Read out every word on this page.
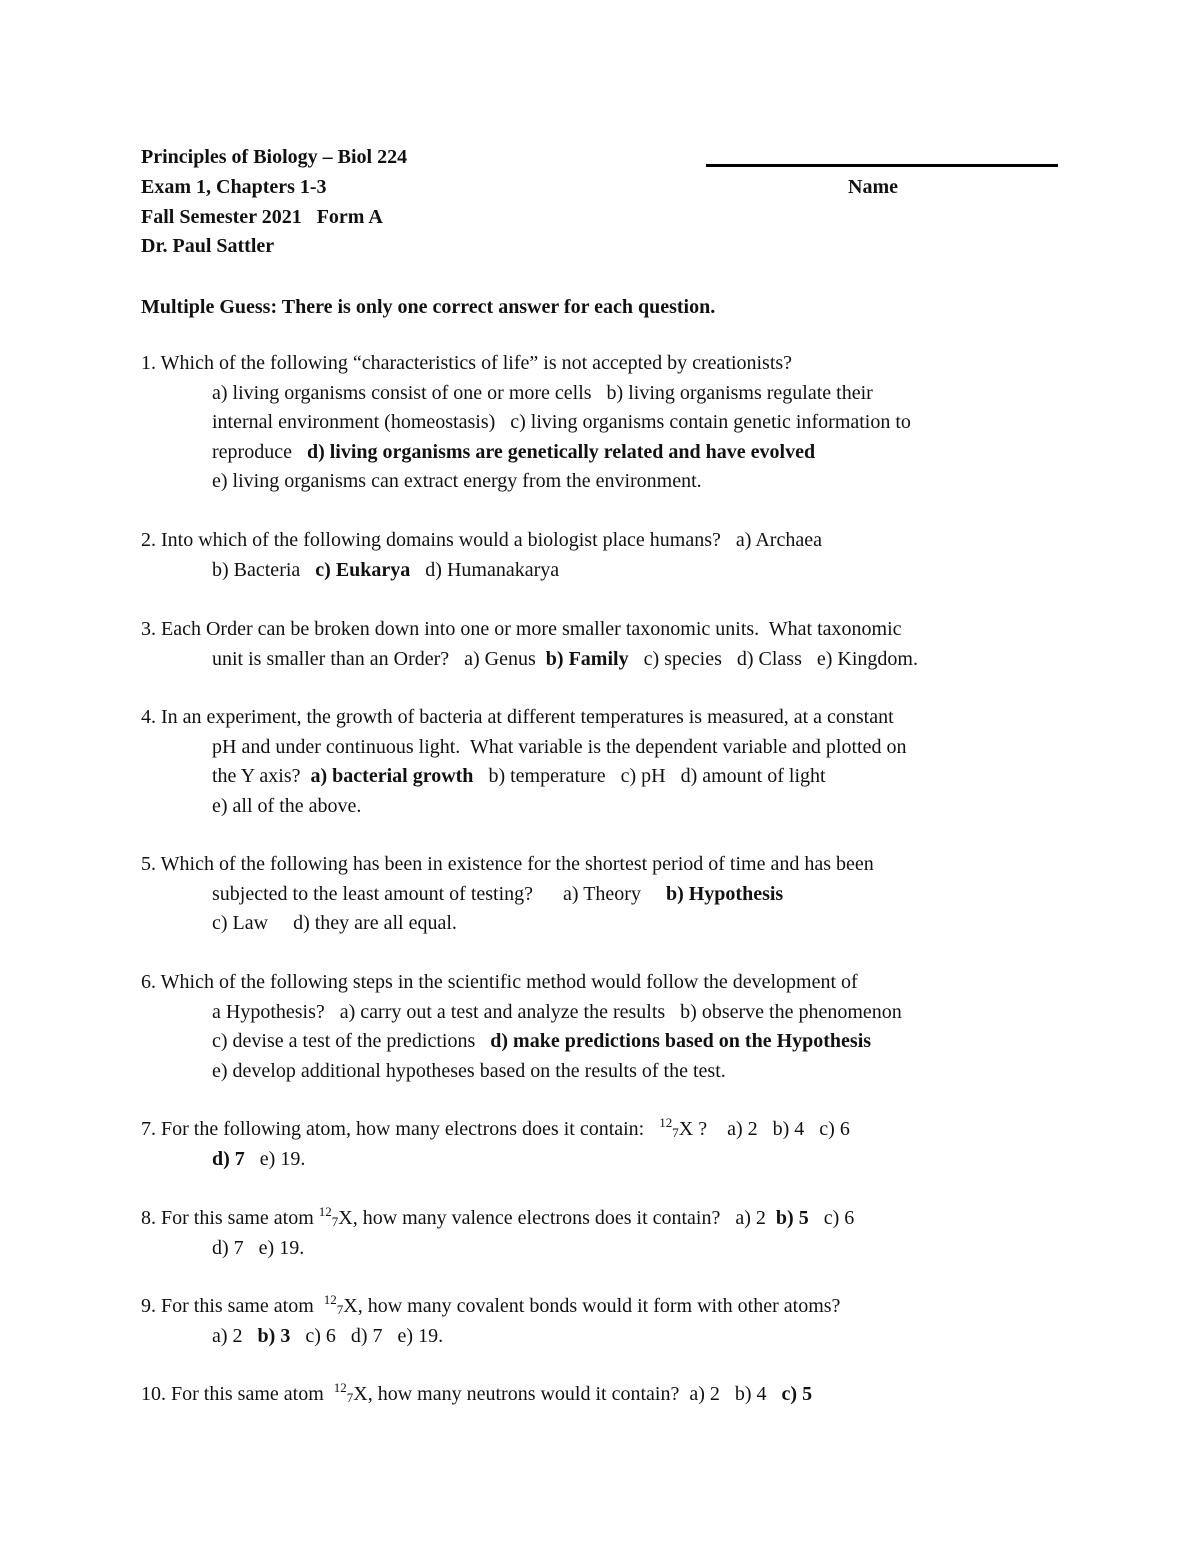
Principles of Biology – Biol 224
Exam 1, Chapters 1-3
Fall Semester 2021   Form A
Dr. Paul Sattler
Name
Multiple Guess: There is only one correct answer for each question.
1. Which of the following “characteristics of life” is not accepted by creationists?
a) living organisms consist of one or more cells   b) living organisms regulate their
internal environment (homeostasis)   c) living organisms contain genetic information to
reproduce   d) living organisms are genetically related and have evolved
e) living organisms can extract energy from the environment.
2. Into which of the following domains would a biologist place humans?   a) Archaea
b) Bacteria   c) Eukarya   d) Humanakarya
3. Each Order can be broken down into one or more smaller taxonomic units.  What taxonomic
unit is smaller than an Order?   a) Genus  b) Family   c) species   d) Class   e) Kingdom.
4. In an experiment, the growth of bacteria at different temperatures is measured, at a constant
pH and under continuous light.  What variable is the dependent variable and plotted on
the Y axis?  a) bacterial growth   b) temperature   c) pH   d) amount of light
e) all of the above.
5. Which of the following has been in existence for the shortest period of time and has been
subjected to the least amount of testing?      a) Theory     b) Hypothesis
c) Law     d) they are all equal.
6. Which of the following steps in the scientific method would follow the development of
a Hypothesis?   a) carry out a test and analyze the results   b) observe the phenomenon
c) devise a test of the predictions   d) make predictions based on the Hypothesis
e) develop additional hypotheses based on the results of the test.
7. For the following atom, how many electrons does it contain:   $^{12}_7$X ?    a) 2   b) 4   c) 6
d) 7   e) 19.
8. For this same atom $^{12}_7$X, how many valence electrons does it contain?   a) 2  b) 5   c) 6
d) 7   e) 19.
9. For this same atom  $^{12}_7$X, how many covalent bonds would it form with other atoms?
a) 2   b) 3   c) 6   d) 7   e) 19.
10. For this same atom  $^{12}_7$X, how many neutrons would it contain?  a) 2   b) 4   c) 5
